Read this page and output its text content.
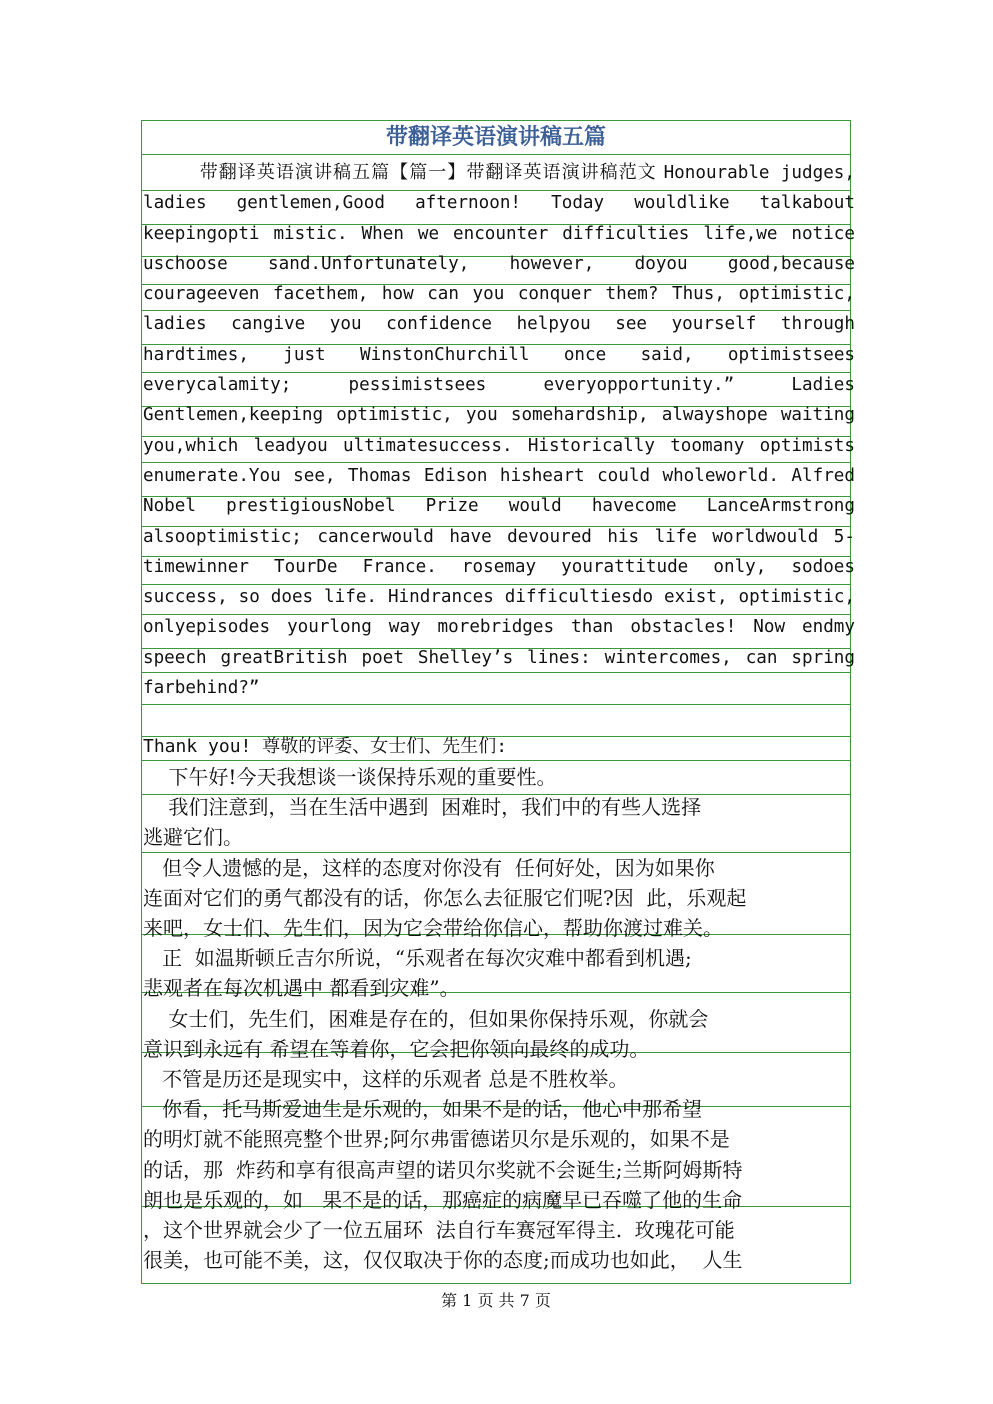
带翻译英语演讲稿五篇

带翻译英语演讲稿五篇【篇一】带翻译英语演讲稿范文 Honourable judges, ladies gentlemen,Good afternoon! Today wouldlike talkabout keepingopti mistic. When we encounter difficulties life,we notice uschoose sand.Unfortunately, however, doyou good,because courageeven facethem, how can you conquer them? Thus, optimistic, ladies cangive you confidence helpyou see yourself through hardtimes, just WinstonChurchill once said, optimistsees everycalamity; pessimistsees everyopportunity.” Ladies Gentlemen,keeping optimistic, you somehardship, alwayshope waiting you,which leadyou ultimatesuccess. Historically toomany optimists enumerate.You see, Thomas Edison hisheart could wholeworld. Alfred Nobel prestigiousNobel Prize would havecome LanceArmstrong alsooptimistic; cancerwould have devoured his life worldwould 5-timewinner TourDe France. rosemay yourattitude only, sodoes success, so does life. Hindrances difficultiesdo exist, optimistic, onlyepisodes yourlong way morebridges than obstacles! Now endmy speech greatBritish poet Shelley’s lines: wintercomes, can spring farbehind?”

Thank you! 尊敬的评委、女士们、先生们:

下午好!今天我想谈一谈保持乐观的重要性。

我们注意到，当在生活中遇到  困难时，我们中的有些人选择

逃避它们。

但令人遗憾的是，这样的态度对你没有  任何好处，因为如果你

连面对它们的勇气都没有的话，你怎么去征服它们呢?因  此，乐观起

来吧，女士们、先生们，因为它会带给你信心，帮助你渡过难关。

正  如温斯顿丘吉尔所说，“乐观者在每次灾难中都看到机遇;

悲观者在每次机遇中 都看到灾难”。

女士们，先生们，困难是存在的，但如果你保持乐观，你就会

意识到永远有 希望在等着你，它会把你领向最终的成功。

不管是历还是现实中，这样的乐观者 总是不胜枚举。

你看，托马斯爱迪生是乐观的，如果不是的话，他心中那希望

的明灯就不能照亮整个世界;阿尔弗雷德诺贝尔是乐观的，如果不是

的话，那  炸药和享有很高声望的诺贝尔奖就不会诞生;兰斯阿姆斯特

朗也是乐观的，如   果不是的话，那癌症的病魔早已吞噬了他的生命

，这个世界就会少了一位五届环  法自行车赛冠军得主.  玫瑰花可能

很美，也可能不美，这，仅仅取决于你的态度;而成功也如此，  人生

第 1 页 共 7 页
